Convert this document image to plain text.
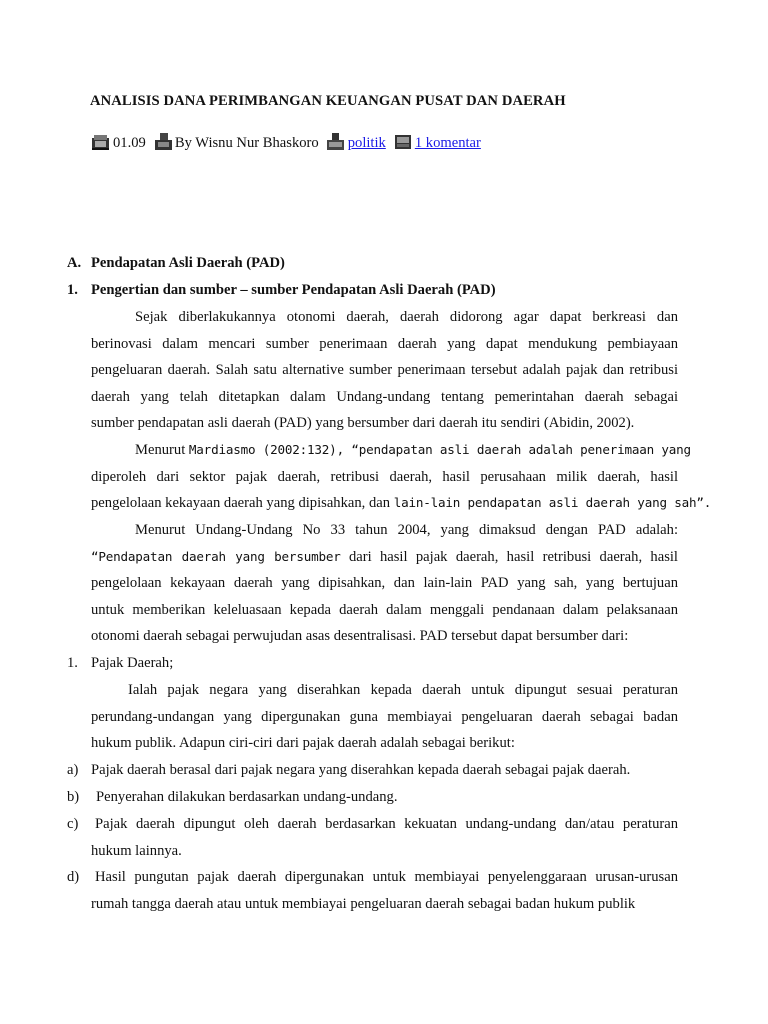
ANALISIS DANA PERIMBANGAN KEUANGAN PUSAT DAN DAERAH
01.09 By Wisnu Nur Bhaskoro politik 1 komentar
A. Pendapatan Asli Daerah (PAD)
1. Pengertian dan sumber – sumber Pendapatan Asli Daerah (PAD)
Sejak diberlakukannya otonomi daerah, daerah didorong agar dapat berkreasi dan
berinovasi dalam mencari sumber penerimaan daerah yang dapat mendukung pembiayaan
pengeluaran daerah. Salah satu alternative sumber penerimaan tersebut adalah pajak dan retribusi
daerah yang telah ditetapkan dalam Undang-undang tentang pemerintahan daerah sebagai
sumber pendapatan asli daerah (PAD) yang bersumber dari daerah itu sendiri (Abidin, 2002).
Menurut Mardiasmo (2002:132), “pendapatan asli daerah adalah penerimaan yang
diperoleh dari sektor pajak daerah, retribusi daerah, hasil perusahaan milik daerah, hasil
pengelolaan kekayaan daerah yang dipisahkan, dan lain-lain pendapatan asli daerah yang sah”.
Menurut Undang-Undang No 33 tahun 2004, yang dimaksud dengan PAD adalah:
“Pendapatan daerah yang bersumber dari hasil pajak daerah, hasil retribusi daerah, hasil
pengelolaan kekayaan daerah yang dipisahkan, dan lain-lain PAD yang sah, yang bertujuan
untuk memberikan keleluasaan kepada daerah dalam menggali pendanaan dalam pelaksanaan
otonomi daerah sebagai perwujudan asas desentralisasi. PAD tersebut dapat bersumber dari:
1. Pajak Daerah;
Ialah pajak negara yang diserahkan kepada daerah untuk dipungut sesuai peraturan
perundang-undangan yang dipergunakan guna membiayai pengeluaran daerah sebagai badan
hukum publik. Adapun ciri-ciri dari pajak daerah adalah sebagai berikut:
a) Pajak daerah berasal dari pajak negara yang diserahkan kepada daerah sebagai pajak daerah.
b) Penyerahan dilakukan berdasarkan undang-undang.
c) Pajak daerah dipungut oleh daerah berdasarkan kekuatan undang-undang dan/atau peraturan
hukum lainnya.
d) Hasil pungutan pajak daerah dipergunakan untuk membiayai penyelenggaraan urusan-urusan
rumah tangga daerah atau untuk membiayai pengeluaran daerah sebagai badan hukum publik
